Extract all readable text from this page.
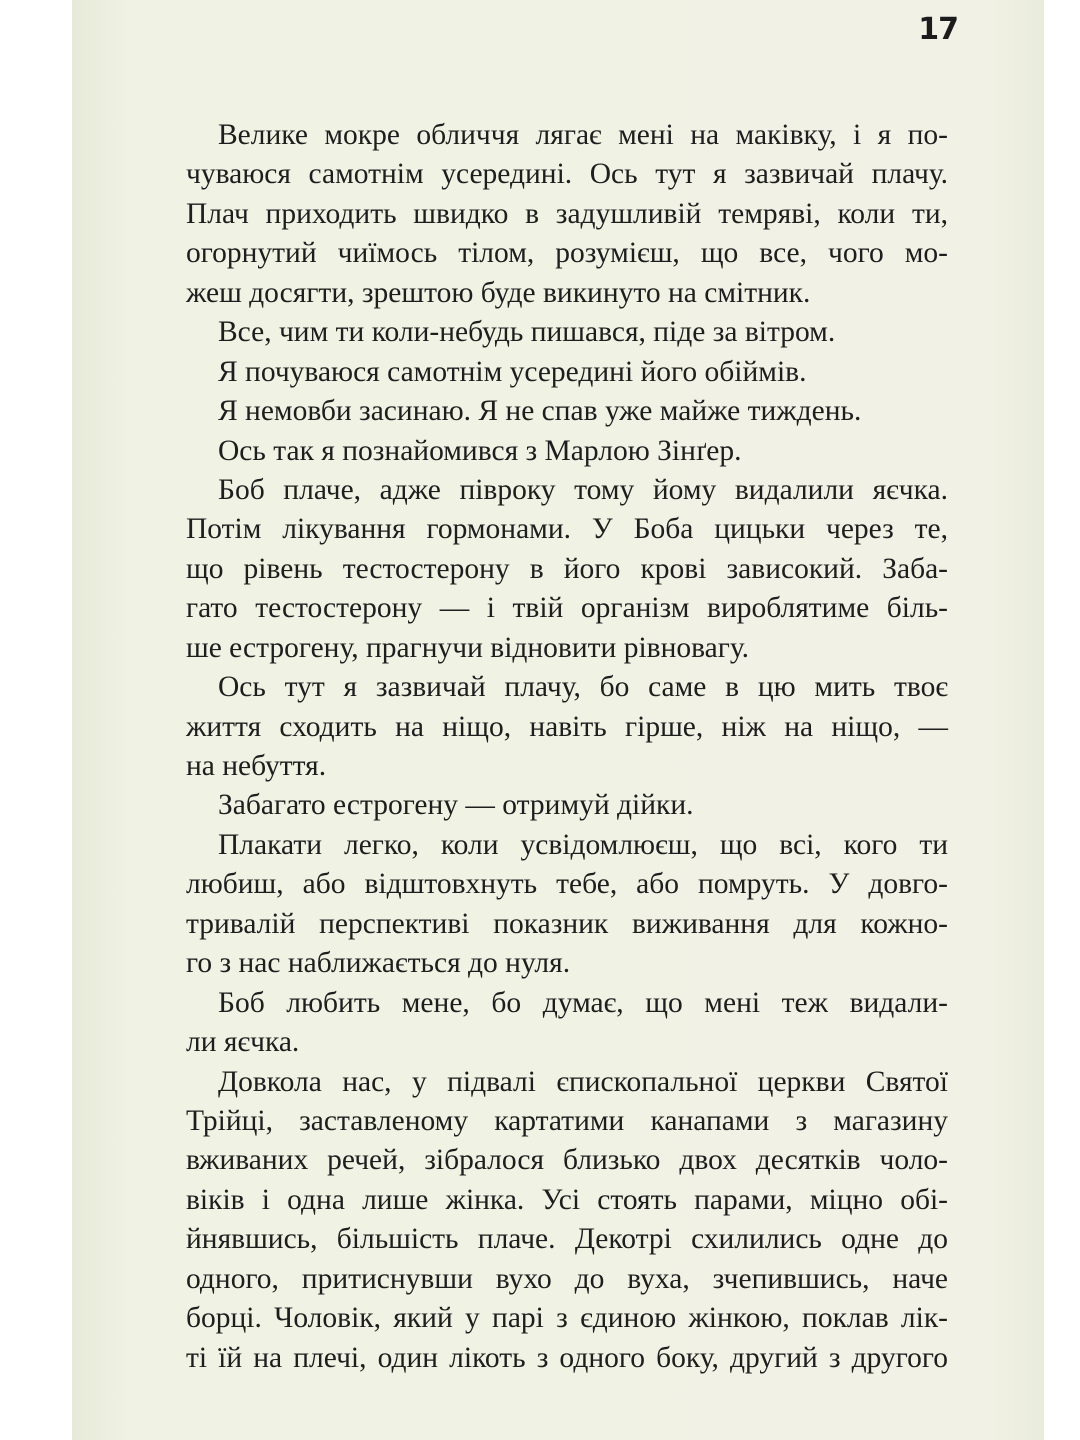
17
Велике мокре обличчя лягає мені на маківку, і я по-
чуваюся самотнім усередині. Ось тут я зазвичай плачу.
Плач приходить швидко в задушливій темряві, коли ти,
огорнутий чиїмось тілом, розумієш, що все, чого мо-
жеш досягти, зрештою буде викинуто на смітник.
Все, чим ти коли-небудь пишався, піде за вітром.
Я почуваюся самотнім усередині його обіймів.
Я немовби засинаю. Я не спав уже майже тиждень.
Ось так я познайомився з Марлою Зінґер.
Боб плаче, адже півроку тому йому видалили яєчка.
Потім лікування гормонами. У Боба цицьки через те,
що рівень тестостерону в його крові зависокий. Заба-
гато тестостерону — і твій організм вироблятиме біль-
ше естрогену, прагнучи відновити рівновагу.
Ось тут я зазвичай плачу, бо саме в цю мить твоє
життя сходить на ніщо, навіть гірше, ніж на ніщо, —
на небуття.
Забагато естрогену — отримуй дійки.
Плакати легко, коли усвідомлюєш, що всі, кого ти
любиш, або відштовхнуть тебе, або помруть. У довго-
тривалій перспективі показник виживання для кожно-
го з нас наближається до нуля.
Боб любить мене, бо думає, що мені теж видали-
ли яєчка.
Довкола нас, у підвалі єпископальної церкви Святої
Трійці, заставленому картатими канапами з магазину
вживаних речей, зібралося близько двох десятків чоло-
віків і одна лише жінка. Усі стоять парами, міцно обі-
йнявшись, більшість плаче. Декотрі схилились одне до
одного, притиснувши вухо до вуха, зчепившись, наче
борці. Чоловік, який у парі з єдиною жінкою, поклав лік-
ті їй на плечі, один лікоть з одного боку, другий з другого
